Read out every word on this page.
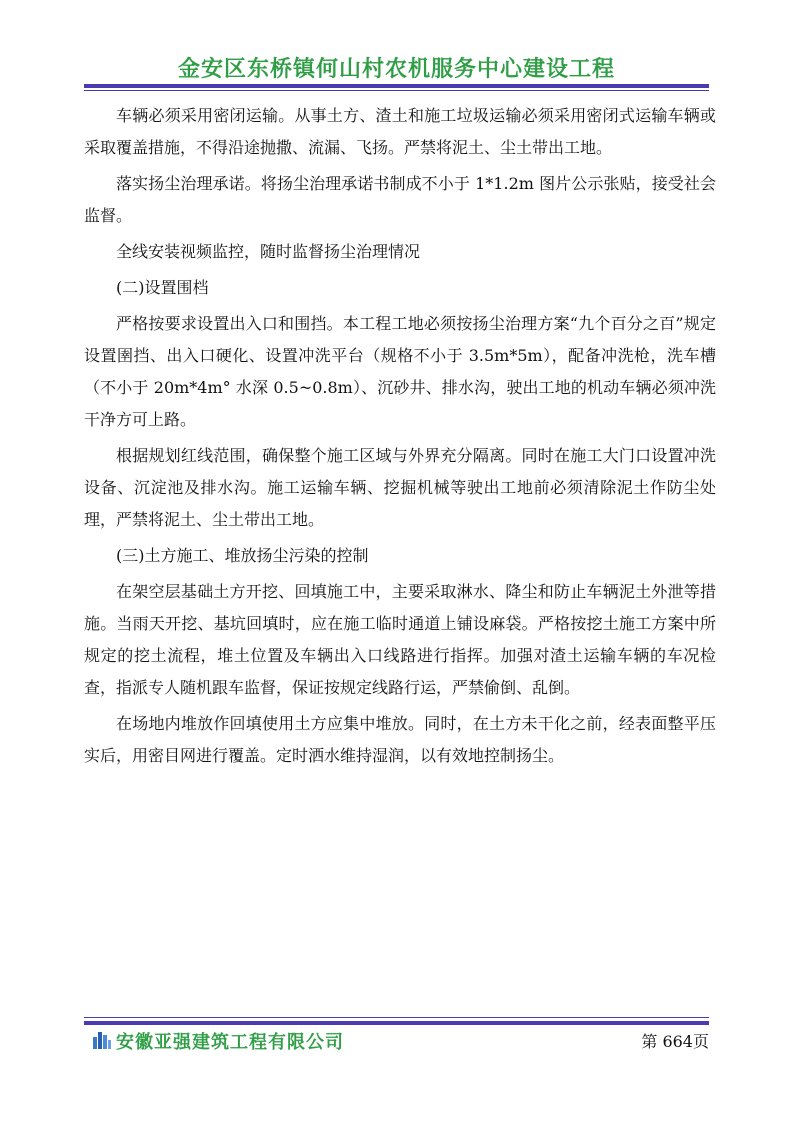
金安区东桥镇何山村农机服务中心建设工程

车辆必须采用密闭运输。从事土方、渣土和施工垃圾运输必须采用密闭式运输车辆或采取覆盖措施，不得沿途抛撒、流漏、飞扬。严禁将泥土、尘土带出工地。

落实扬尘治理承诺。将扬尘治理承诺书制成不小于 1*1.2m 图片公示张贴，接受社会监督。

全线安装视频监控，随时监督扬尘治理情况

(二)设置围档

严格按要求设置出入口和围挡。本工程工地必须按扬尘治理方案“九个百分之百”规定设置圉挡、出入口硬化、设置冲洗平台（规格不小于 3.5m*5m），配备冲洗枪，洗车槽（不小于 20m*4m° 水深 0.5~0.8m）、沉砂井、排水沟，驶出工地的机动车辆必须冲洗干净方可上路。

根据规划红线范围，确保整个施工区域与外界充分隔离。同时在施工大门口设置冲洗设备、沉淀池及排水沟。施工运输车辆、挖掘机械等驶出工地前必须清除泥土作防尘处理，严禁将泥土、尘土带出工地。

(三)土方施工、堆放扬尘污染的控制

在架空层基础土方开挖、回填施工中，主要采取淋水、降尘和防止车辆泥土外泄等措施。当雨天开挖、基坑回填时，应在施工临时通道上铺设麻袋。严格按挖土施工方案中所规定的挖土流程，堆土位置及车辆出入口线路进行指挥。加强对渣土运输车辆的车况检查，指派专人随机跟车监督，保证按规定线路行运，严禁偷倒、乱倒。

在场地内堆放作回填使用土方应集中堆放。同时，在土方未干化之前，经表面整平压实后，用密目网进行覆盖。定时洒水维持湿润，以有效地控制扬尘。

安徽亚强建筑工程有限公司	第 664页
